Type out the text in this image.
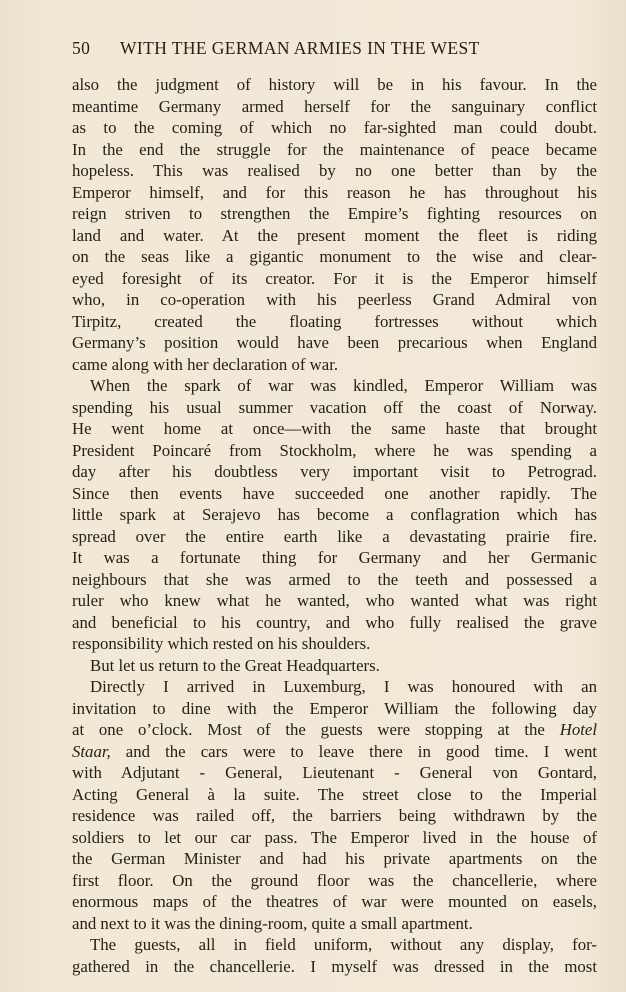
50 WITH THE GERMAN ARMIES IN THE WEST
also the judgment of history will be in his favour. In the
meantime Germany armed herself for the sanguinary conflict
as to the coming of which no far-sighted man could doubt.
In the end the struggle for the maintenance of peace became
hopeless. This was realised by no one better than by the
Emperor himself, and for this reason he has throughout his
reign striven to strengthen the Empire’s fighting resources on
land and water. At the present moment the fleet is riding
on the seas like a gigantic monument to the wise and clear-
eyed foresight of its creator. For it is the Emperor himself
who, in co-operation with his peerless Grand Admiral von
Tirpitz, created the floating fortresses without which
Germany’s position would have been precarious when England
came along with her declaration of war.
When the spark of war was kindled, Emperor William was
spending his usual summer vacation off the coast of Norway.
He went home at once—with the same haste that brought
President Poincaré from Stockholm, where he was spending a
day after his doubtless very important visit to Petrograd.
Since then events have succeeded one another rapidly. The
little spark at Serajevo has become a conflagration which has
spread over the entire earth like a devastating prairie fire.
It was a fortunate thing for Germany and her Germanic
neighbours that she was armed to the teeth and possessed a
ruler who knew what he wanted, who wanted what was right
and beneficial to his country, and who fully realised the grave
responsibility which rested on his shoulders.
But let us return to the Great Headquarters.
Directly I arrived in Luxemburg, I was honoured with an
invitation to dine with the Emperor William the following day
at one o’clock. Most of the guests were stopping at the Hotel
Staar, and the cars were to leave there in good time. I went
with Adjutant - General, Lieutenant - General von Gontard,
Acting General à la suite. The street close to the Imperial
residence was railed off, the barriers being withdrawn by the
soldiers to let our car pass. The Emperor lived in the house of
the German Minister and had his private apartments on the
first floor. On the ground floor was the chancellerie, where
enormous maps of the theatres of war were mounted on easels,
and next to it was the dining-room, quite a small apartment.
The guests, all in field uniform, without any display, for-
gathered in the chancellerie. I myself was dressed in the most
